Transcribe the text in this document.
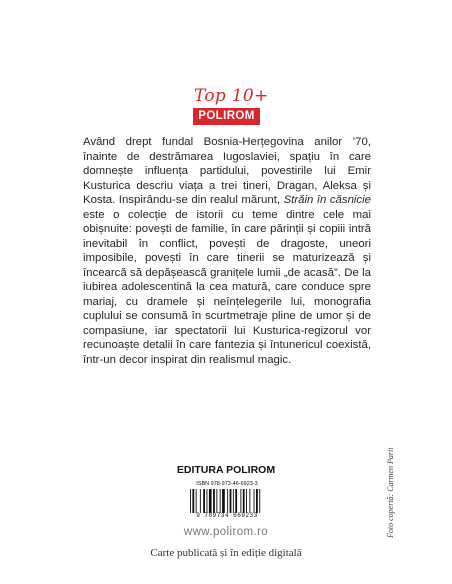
Top 10+
POLIROM

Având drept fundal Bosnia-Herțegovina anilor ’70, înainte de destrămarea Iugoslaviei, spațiu în care domnește influența partidului, povestirile lui Emir Kusturica descriu viața a trei tineri, Dragan, Aleksa și Kosta. Inspirându-se din realul mărunt, Străin în căsnicie este o colecție de istorii cu teme dintre cele mai obișnuite: povești de familie, în care părinții și copiii intră inevitabil în conflict, povești de dragoste, uneori imposibile, povești în care tinerii se maturizează și încearcă să depășească granițele lumii „de acasă”. De la iubirea adolescentină la cea matură, care conduce spre mariaj, cu dramele și neînțelegerile lui, monografia cuplului se consumă în scurtmetraje pline de umor și de compasiune, iar spectatorii lui Kusturica-regizorul vor recunoaște detalii în care fantezia și întunericul coexistă, într-un decor inspirat din realismul magic.

EDITURA POLIROM
ISBN 978-973-46-6923-3
9 789734 669233
www.polirom.ro
Carte publicată și în ediție digitală
Foto copertă: Carmen Parii
